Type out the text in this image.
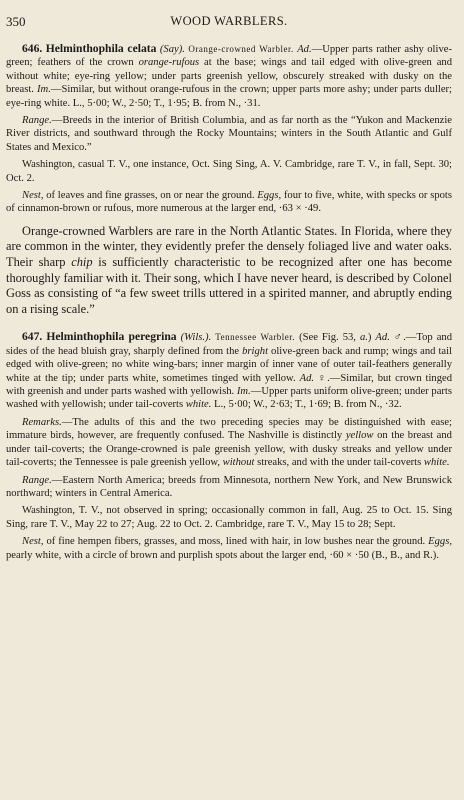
350	WOOD WARBLERS.

646. Helminthophila celata (Say). Orange-crowned Warbler. Ad.—Upper parts rather ashy olive-green; feathers of the crown orange-rufous at the base; wings and tail edged with olive-green and without white; eye-ring yellow; under parts greenish yellow, obscurely streaked with dusky on the breast. Im.—Similar, but without orange-rufous in the crown; upper parts more ashy; under parts duller; eye-ring white. L., 5·00; W., 2·50; T., 1·95; B. from N., ·31.

Range.—Breeds in the interior of British Columbia, and as far north as the “Yukon and Mackenzie River districts, and southward through the Rocky Mountains; winters in the South Atlantic and Gulf States and Mexico.”

Washington, casual T. V., one instance, Oct. Sing Sing, A. V. Cambridge, rare T. V., in fall, Sept. 30; Oct. 2.

Nest, of leaves and fine grasses, on or near the ground. Eggs, four to five, white, with specks or spots of cinnamon-brown or rufous, more numerous at the larger end, ·63 × ·49.

Orange-crowned Warblers are rare in the North Atlantic States. In Florida, where they are common in the winter, they evidently prefer the densely foliaged live and water oaks. Their sharp chip is sufficiently characteristic to be recognized after one has become thoroughly familiar with it. Their song, which I have never heard, is described by Colonel Goss as consisting of “a few sweet trills uttered in a spirited manner, and abruptly ending on a rising scale.”

647. Helminthophila peregrina (Wils.). Tennessee Warbler. (See Fig. 53, a.) Ad. ♂.—Top and sides of the head bluish gray, sharply defined from the bright olive-green back and rump; wings and tail edged with olive-green; no white wing-bars; inner margin of inner vane of outer tail-feathers generally white at the tip; under parts white, sometimes tinged with yellow. Ad. ♀.—Similar, but crown tinged with greenish and under parts washed with yellowish. Im.—Upper parts uniform olive-green; under parts washed with yellowish; under tail-coverts white. L., 5·00; W., 2·63; T., 1·69; B. from N., ·32.

Remarks.—The adults of this and the two preceding species may be distinguished with ease; immature birds, however, are frequently confused. The Nashville is distinctly yellow on the breast and under tail-coverts; the Orange-crowned is pale greenish yellow, with dusky streaks and yellow under tail-coverts; the Tennessee is pale greenish yellow, without streaks, and with the under tail-coverts white.

Range.—Eastern North America; breeds from Minnesota, northern New York, and New Brunswick northward; winters in Central America.

Washington, T. V., not observed in spring; occasionally common in fall, Aug. 25 to Oct. 15. Sing Sing, rare T. V., May 22 to 27; Aug. 22 to Oct. 2. Cambridge, rare T. V., May 15 to 28; Sept.

Nest, of fine hempen fibers, grasses, and moss, lined with hair, in low bushes near the ground. Eggs, pearly white, with a circle of brown and purplish spots about the larger end, ·60 × ·50 (B., B., and R.).
